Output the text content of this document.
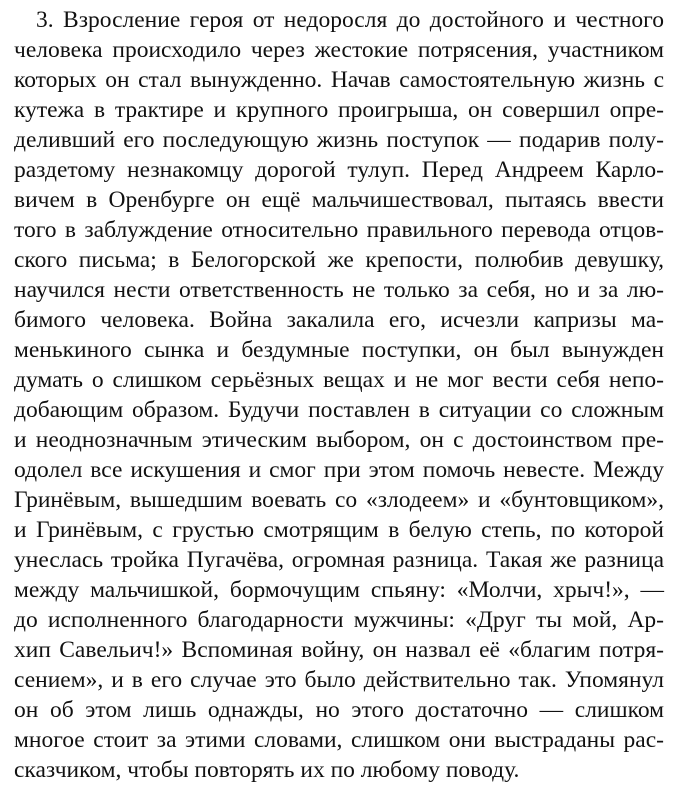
3. Взросление героя от недоросля до достойного и честного
человека происходило через жестокие потрясения, участником
которых он стал вынужденно. Начав самостоятельную жизнь с
кутежа в трактире и крупного проигрыша, он совершил опре-
деливший его последующую жизнь поступок — подарив полу-
раздетому незнакомцу дорогой тулуп. Перед Андреем Карло-
вичем в Оренбурге он ещё мальчишествовал, пытаясь ввести
того в заблуждение относительно правильного перевода отцов-
ского письма; в Белогорской же крепости, полюбив девушку,
научился нести ответственность не только за себя, но и за лю-
бимого человека. Война закалила его, исчезли капризы ма-
менькиного сынка и бездумные поступки, он был вынужден
думать о слишком серьёзных вещах и не мог вести себя непо-
добающим образом. Будучи поставлен в ситуации со сложным
и неоднозначным этическим выбором, он с достоинством пре-
одолел все искушения и смог при этом помочь невесте. Между
Гринёвым, вышедшим воевать со «злодеем» и «бунтовщиком»,
и Гринёвым, с грустью смотрящим в белую степь, по которой
унеслась тройка Пугачёва, огромная разница. Такая же разница
между мальчишкой, бормочущим спьяну: «Молчи, хрыч!», —
до исполненного благодарности мужчины: «Друг ты мой, Ар-
хип Савельич!» Вспоминая войну, он назвал её «благим потря-
сением», и в его случае это было действительно так. Упомянул
он об этом лишь однажды, но этого достаточно — слишком
многое стоит за этими словами, слишком они выстраданы рас-
сказчиком, чтобы повторять их по любому поводу.
